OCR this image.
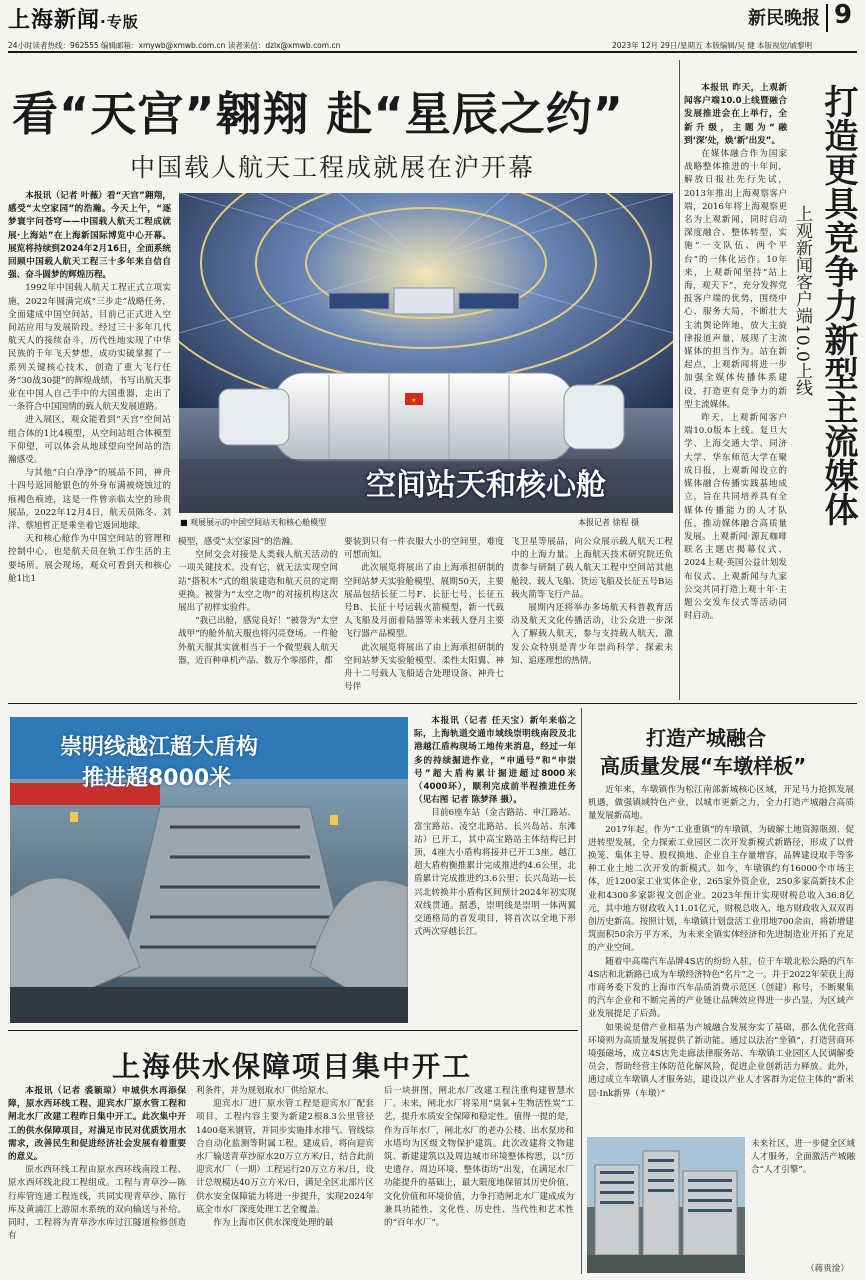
上海新闻·专版	新民晚报 9
24小时读者热线：962555 编辑邮箱：xmywb@xmwb.com.cn 读者来信：dzlx@xmwb.com.cn	2023年 12月 29日/星期五 本版编辑/吴 健 本版视觉/戚黎明
看“天宫”翱翔 赴“星辰之约”
中国载人航天工程成就展在沪开幕

本报讯（记者 叶薇）看“天宫”翱翔，感受“太空家园”的浩瀚。今天上午，“逐梦寰宇问苍穹——中国载人航天工程成就展·上海站”在上海新国际博览中心开幕。展览将持续到2024年2月16日，全面系统回顾中国载人航天工程三十多年来自信自强、奋斗圆梦的辉煌历程。

1992年中国载人航天工程正式立项实施，2022年圆满完成“三步走”战略任务，全面建成中国空间站，目前已正式进入空间站应用与发展阶段。经过三十多年几代航天人的接续奋斗，历代性地实现了中华民族的千年飞天梦想，成功实破掌握了一系列关键核心技术，创造了重大飞行任务“30战30捷”的辉煌战绩，书写出航天事业在中国人自己手中的大国重器，走出了一条符合中国国情的载人航天发展道路。

进入展区，观众能看到“天宫”空间站组合体的1比4模型，从空间站组合体模型下仰望，可以体会从地球望向空间站的浩瀚感受。

与其他“白白净净”的展品不同，神舟十四号返回舱银色的外身布满被烧蚀过的痕褐色痕迹，这是一件曾亲临太空的珍贵展品，2022年12月4日，航天员陈冬、刘洋、蔡旭哲正是乘坐着它返回地球。

天和核心舱作为中国空间站的管理和控制中心，也是航天员在轨工作生活的主要场所。展会现场，观众可看到天和核心舱1比1

★
空间站天和核心舱
■ 观展展示的中国空间站天和核心舱模型	本报记者 徐程 摄

模型，感受“太空家园”的浩瀚。

空间交会对接是人类载人航天活动的一项关键技术。没有它，就无法实现空间站“搭积木”式的组装建造和航天员的定期更换。被誉为“太空之吻”的对接机构这次展出了初样实验件。

“我已出舱，感觉良好！”被誉为“太空战甲”的舱外航天服也将闪亮登场。一件舱外航天服其实就相当于一个微型载人航天器，近百种单机产品、数万个零部件，都

要装到只有一件衣服大小的空间里，难度可想而知。

此次展览将展出了由上海承担研制的空间站梦天实验舱模型，展期50天，主要展品包括长征二号F、长征七号、长征五号B、长征十号运载火箭模型，新一代载人飞船及月面着陆器等未来载人登月主要飞行器产品模型。

此次展览将展出了由上海承担研制的空间站梦天实验舱模型、柔性太阳翼、神舟十二号载人飞船适合处理设备、神舟七号伴

飞卫星等展品，向公众展示载人航天工程中的上海力量。上海航天技术研究院还负责参与研制了载人航天工程中空间站其他舱段、载人飞船、货运飞船及长征五号B运载火箭等飞行产品。

展期内还将举办多场航天科普教育活动及航天文化传播活动，让公众进一步深入了解载人航天，参与支持载人航天，激发公众特别是青少年崇尚科学、探索未知、追逐理想的热情。

本报讯 昨天，上观新闻客户端10.0上线暨融合发展推进会在上举行，全新升级，主题为“融到‘深’处，焕‘新’出发”。

在媒体融合作为国家战略整体推进的十年间，解放日报社先行先试，2013年推出上海观察客户端，2016年将上海观察更名为上观新闻，同时启动深度融合、整体转型，实施“一支队伍、两个平台”的一体化运作。10年来，上观新闻坚持“站上海，观天下”，充分发挥党报客户端的优势，围绕中心、服务大局，不断壮大主流舆论阵地，放大主旋律报道声量，展现了主流媒体的担当作为。站在新起点，上观新闻将进一步加强全媒体传播体系建设，打造更有竞争力的新型主流媒体。

昨天，上观新闻客户端10.0版本上线。复旦大学、上海交通大学、同济大学、华东师范大学在聚成日报，上观新闻设立的媒体融合传播实践基地成立，旨在共同培养具有全媒体传播能力的人才队伍，推动媒体融合高质量发展。上观新闻·源瓦咖啡联名主题店揭幕仪式、2024上观·英国公益计划发布仪式、上观新闻与九家公交共同打造上观十年·主题公交发车仪式等活动同时启动。

打造更具竞争力新型主流媒体
上观新闻客户端10.0上线
崇明线越江超大盾构
推进超8000米

本报讯（记者 任天宝）新年来临之际，上海轨道交通市域线崇明线南段及北港越江盾构现场工地传来消息，经过一年多的持续掘进作业，“申通号”和“申崇号”超大盾构累计掘进超过8000米（4000环），顺利完成前半程推进任务（见右图 记者 陈梦泽 摄）。

目前6座车站（金吉路站、申江路站、富宝路站、凌空北路站、长兴岛站、东滩站）已开工，其中高宝路站主体结构已封顶，4座大小盾构将接并已开工3座。越江超大盾构衡推累计完成推进约4.6公里，北盾累计完成推进约3.6公里；长兴岛站—长兴北转换井小盾构区间预计2024年初实现双线贯通。据悉，崇明线是崇明一体两翼交通格局的首发项目，将首次以全地下形式两次穿越长江。

打造产城融合
高质量发展“车墩样板”

近年来，车墩镇作为松江南部新城核心区域，开足马力抢抓发展机遇，做强镇域特色产业，以城市更新之力，全力打造产城融合高质量发展新高地。

2017年起，作为“工业重镇”的车墩镇，为破解土地资源瓶颈、促进转型发展，全力探索工业园区二次开发新模式新路径，形成了以骨换笼、集体主导、股权换地、企业自主存量增容，品牌建设取手等多种工业土地二次开发的新模式。如今，车墩镇约有16000个市场主体，近1200家工业实体企业，265家外资企业，250多家高新技术企业和4300多家影视文创企业。2023年预计实现财税总收入36.8亿元，其中地方财政收入11.01亿元，财税总收入、地方财政收入双双再创历史新高。按照计划，车墩镇计划盘活工业用地700余亩，将新增建筑面积50余万平方米，为未来全镇实体经济和先进制造业开拓了充足的产业空间。

随着中高端汽车品牌4S店的纷纷入驻，位于车墩北松公路的汽车4S店和北新路已成为车墩经济特色“名片”之一。并于2022年荣获上海市商务委下发的上海市汽车品质消费示范区（创建）称号，不断聚集的汽车企业和不断完善的产业链让品牌效应得进一步凸显，为区域产业发展提足了后劲。

如果说是借产业相基为产城融合发展夯实了基础，那么优化营商环境则为高质量发展提供了新动能。通过以法治“坐镇”，打造营商环境强磁场，成立4S店先走廊法律服务站、车墩镇工业园区人民调解委员会，帮助经营主体防范化解风险，促进企业创新活力释放。此外，通过成立车墩镇人才服务站，建设以产业人才客群为定位主体的“新米居·Ink新界（车墩）”

未来社区，进一步健全区域人才服务，全面激活产城融合“人才引擎”。

（蒋贵淦）
上海供水保障项目集中开工

本报讯（记者 裘颖琼）申城供水再添保障，原水西环线工程、迎宾水厂原水管工程和闸北水厂改建工程昨日集中开工。此次集中开工的供水保障项目，对满足市民对优质饮用水需求，改善民生和促进经济社会发展有着重要的意义。

原水西环线工程由原水西环线南段工程、原水西环线北段工程组成。工程与青草沙—陈行库管连通工程连线，共同实现青草沙、陈行库及黄浦江上游原水系统的双向输送与补给。同时，工程将为青草沙水库过江隧道检修创造有

利条件，并为规划取水厂供给原水。

迎宾水厂进厂原水管工程是迎宾水厂配套项目，工程内容主要为新建2根8.3公里管径1400毫米钢管，并同步实施排水排气、管线综合自动化监测等附属工程。建成后，将向迎宾水厂输送青草沙原水20万立方米/日，结合此前迎宾水厂（一期）工程运行20万立方米/日，设计总规模达40万立方米/日，满足全区北部片区供水安全保障能力将进一步提升，实现2024年底全市水厂深度处理工艺全覆盖。

作为上海市区供水深度处理的最

后一块拼图，闸北水厂改建工程注重构建智慧水厂。未来，闸北水厂将采用“臭氧+生物活性炭”工艺，提升水质安全保障和稳定性。值得一提的是，作为百年水厂，闸北水厂的老办公楼、出水泵房和水塔均为区级文物保护建筑。此次改建将文物建筑、新建建筑以及周边城市环境整体构思，以“历史遗存、周边环境、整体街坊”出发，在满足水厂功能提升的基础上，最大限度地保留其历史价值、文化价值和环境价值，力争打造闸北水厂建成成为兼具功能性、文化性、历史性、当代性和艺术性的“百年水厂”。
